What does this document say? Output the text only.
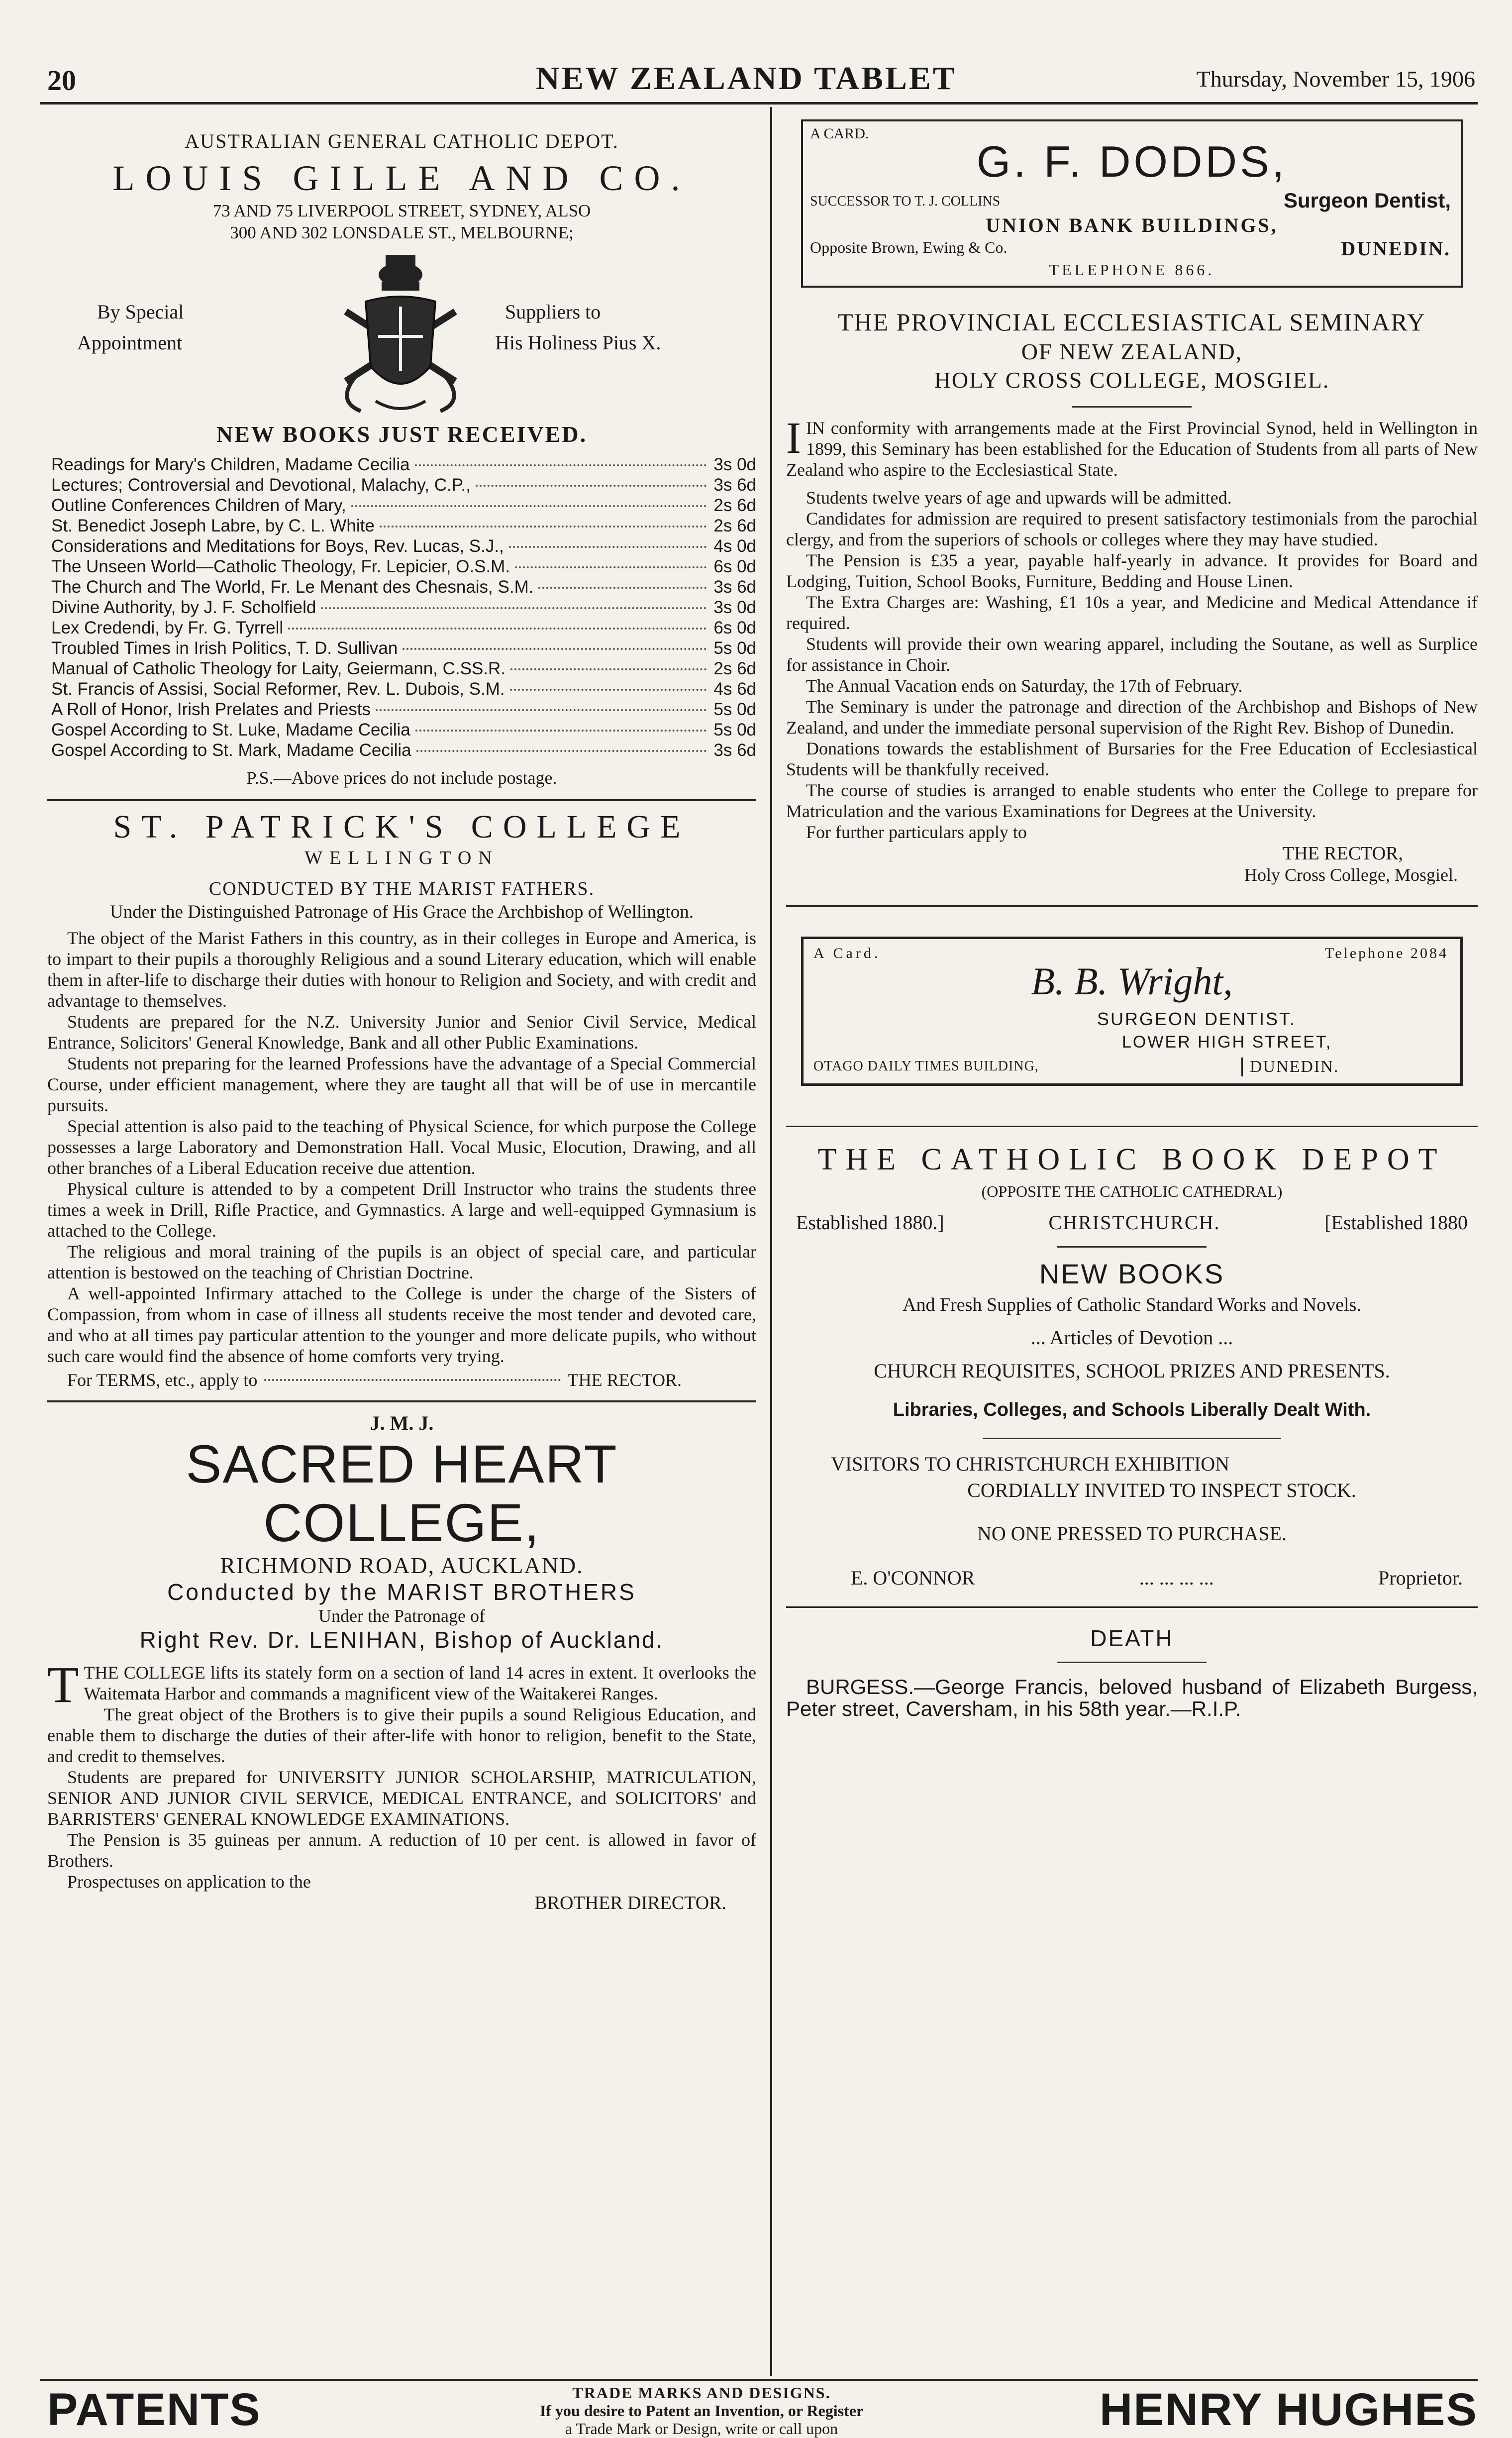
20	NEW ZEALAND TABLET	Thursday, November 15, 1906
AUSTRALIAN GENERAL CATHOLIC DEPOT.
LOUIS GILLE AND CO.
73 AND 75 LIVERPOOL STREET, SYDNEY, ALSO
300 AND 302 LONSDALE ST., MELBOURNE;
By Special
Appointment
Suppliers to
His Holiness Pius X.
NEW BOOKS JUST RECEIVED.
Readings for Mary's Children, Madame Cecilia	3s 0d
Lectures; Controversial and Devotional, Malachy, C.P.,	3s 6d
Outline Conferences Children of Mary,	2s 6d
St. Benedict Joseph Labre, by C. L. White	2s 6d
Considerations and Meditations for Boys, Rev. Lucas, S.J.,	4s 0d
The Unseen World—Catholic Theology, Fr. Lepicier, O.S.M.	6s 0d
The Church and The World, Fr. Le Menant des Chesnais, S.M.	3s 6d
Divine Authority, by J. F. Scholfield	3s 0d
Lex Credendi, by Fr. G. Tyrrell	6s 0d
Troubled Times in Irish Politics, T. D. Sullivan	5s 0d
Manual of Catholic Theology for Laity, Geiermann, C.SS.R.	2s 6d
St. Francis of Assisi, Social Reformer, Rev. L. Dubois, S.M.	4s 6d
A Roll of Honor, Irish Prelates and Priests	5s 0d
Gospel According to St. Luke, Madame Cecilia	5s 0d
Gospel According to St. Mark, Madame Cecilia	3s 6d
P.S.—Above prices do not include postage.
ST. PATRICK'S COLLEGE
WELLINGTON
CONDUCTED BY THE MARIST FATHERS.
Under the Distinguished Patronage of His Grace the Archbishop of Wellington.

The object of the Marist Fathers in this country, as in their colleges in Europe and America, is to impart to their pupils a thoroughly Religious and a sound Literary education, which will enable them in after-life to discharge their duties with honour to Religion and Society, and with credit and advantage to themselves.

Students are prepared for the N.Z. University Junior and Senior Civil Service, Medical Entrance, Solicitors' General Knowledge, Bank and all other Public Examinations.

Students not preparing for the learned Professions have the advantage of a Special Commercial Course, under efficient management, where they are taught all that will be of use in mercantile pursuits.

Special attention is also paid to the teaching of Physical Science, for which purpose the College possesses a large Laboratory and Demonstration Hall. Vocal Music, Elocution, Drawing, and all other branches of a Liberal Education receive due attention.

Physical culture is attended to by a competent Drill Instructor who trains the students three times a week in Drill, Rifle Practice, and Gymnastics. A large and well-equipped Gymnasium is attached to the College.

The religious and moral training of the pupils is an object of special care, and particular attention is bestowed on the teaching of Christian Doctrine.

A well-appointed Infirmary attached to the College is under the charge of the Sisters of Compassion, from whom in case of illness all students receive the most tender and devoted care, and who at all times pay particular attention to the younger and more delicate pupils, who without such care would find the absence of home comforts very trying.

For TERMS, etc., apply to	THE RECTOR.
J. M. J.
SACRED HEART COLLEGE,
RICHMOND ROAD, AUCKLAND.
Conducted by the MARIST BROTHERS
Under the Patronage of
Right Rev. Dr. LENIHAN, Bishop of Auckland.

TTHE COLLEGE lifts its stately form on a section of land 14 acres in extent. It overlooks the Waitemata Harbor and commands a magnificent view of the Waitakerei Ranges.

The great object of the Brothers is to give their pupils a sound Religious Education, and enable them to discharge the duties of their after-life with honor to religion, benefit to the State, and credit to themselves.

Students are prepared for UNIVERSITY JUNIOR SCHOLARSHIP, MATRICULATION, SENIOR AND JUNIOR CIVIL SERVICE, MEDICAL ENTRANCE, and SOLICITORS' and BARRISTERS' GENERAL KNOWLEDGE EXAMINATIONS.

The Pension is 35 guineas per annum. A reduction of 10 per cent. is allowed in favor of Brothers.

Prospectuses on application to the

BROTHER DIRECTOR.
A CARD.
G. F. DODDS,
SUCCESSOR TO T. J. COLLINS	Surgeon Dentist,
UNION BANK BUILDINGS,
Opposite Brown, Ewing & Co.	DUNEDIN.
TELEPHONE 866.
THE PROVINCIAL ECCLESIASTICAL SEMINARY
OF NEW ZEALAND,
HOLY CROSS COLLEGE, MOSGIEL.

IIN conformity with arrangements made at the First Provincial Synod, held in Wellington in 1899, this Seminary has been established for the Education of Students from all parts of New Zealand who aspire to the Ecclesiastical State.

Students twelve years of age and upwards will be admitted.

Candidates for admission are required to present satisfactory testimonials from the parochial clergy, and from the superiors of schools or colleges where they may have studied.

The Pension is £35 a year, payable half-yearly in advance. It provides for Board and Lodging, Tuition, School Books, Furniture, Bedding and House Linen.

The Extra Charges are: Washing, £1 10s a year, and Medicine and Medical Attendance if required.

Students will provide their own wearing apparel, including the Soutane, as well as Surplice for assistance in Choir.

The Annual Vacation ends on Saturday, the 17th of February.

The Seminary is under the patronage and direction of the Archbishop and Bishops of New Zealand, and under the immediate personal supervision of the Right Rev. Bishop of Dunedin.

Donations towards the establishment of Bursaries for the Free Education of Ecclesiastical Students will be thankfully received.

The course of studies is arranged to enable students who enter the College to prepare for Matriculation and the various Examinations for Degrees at the University.

For further particulars apply to

THE RECTOR,
Holy Cross College, Mosgiel.
A Card.	Telephone 2084
B. B. Wright,
SURGEON DENTIST.
LOWER HIGH STREET,
OTAGO DAILY TIMES BUILDING,	DUNEDIN.
THE CATHOLIC BOOK DEPOT
(OPPOSITE THE CATHOLIC CATHEDRAL)
Established 1880.]	CHRISTCHURCH.	[Established 1880
NEW BOOKS
And Fresh Supplies of Catholic Standard Works and Novels.
... Articles of Devotion ...
CHURCH REQUISITES, SCHOOL PRIZES AND PRESENTS.
Libraries, Colleges, and Schools Liberally Dealt With.
VISITORS TO CHRISTCHURCH EXHIBITION
CORDIALLY INVITED TO INSPECT STOCK.
NO ONE PRESSED TO PURCHASE.
E. O'CONNOR	... ... ... ...	Proprietor.
DEATH

BURGESS.—George Francis, beloved husband of Elizabeth Burgess, Peter street, Caversham, in his 58th year.—R.I.P.

PATENTS	TRADE MARKS AND DESIGNS.
If you desire to Patent an Invention, or Register
a Trade Mark or Design, write or call upon	HENRY HUGHES
